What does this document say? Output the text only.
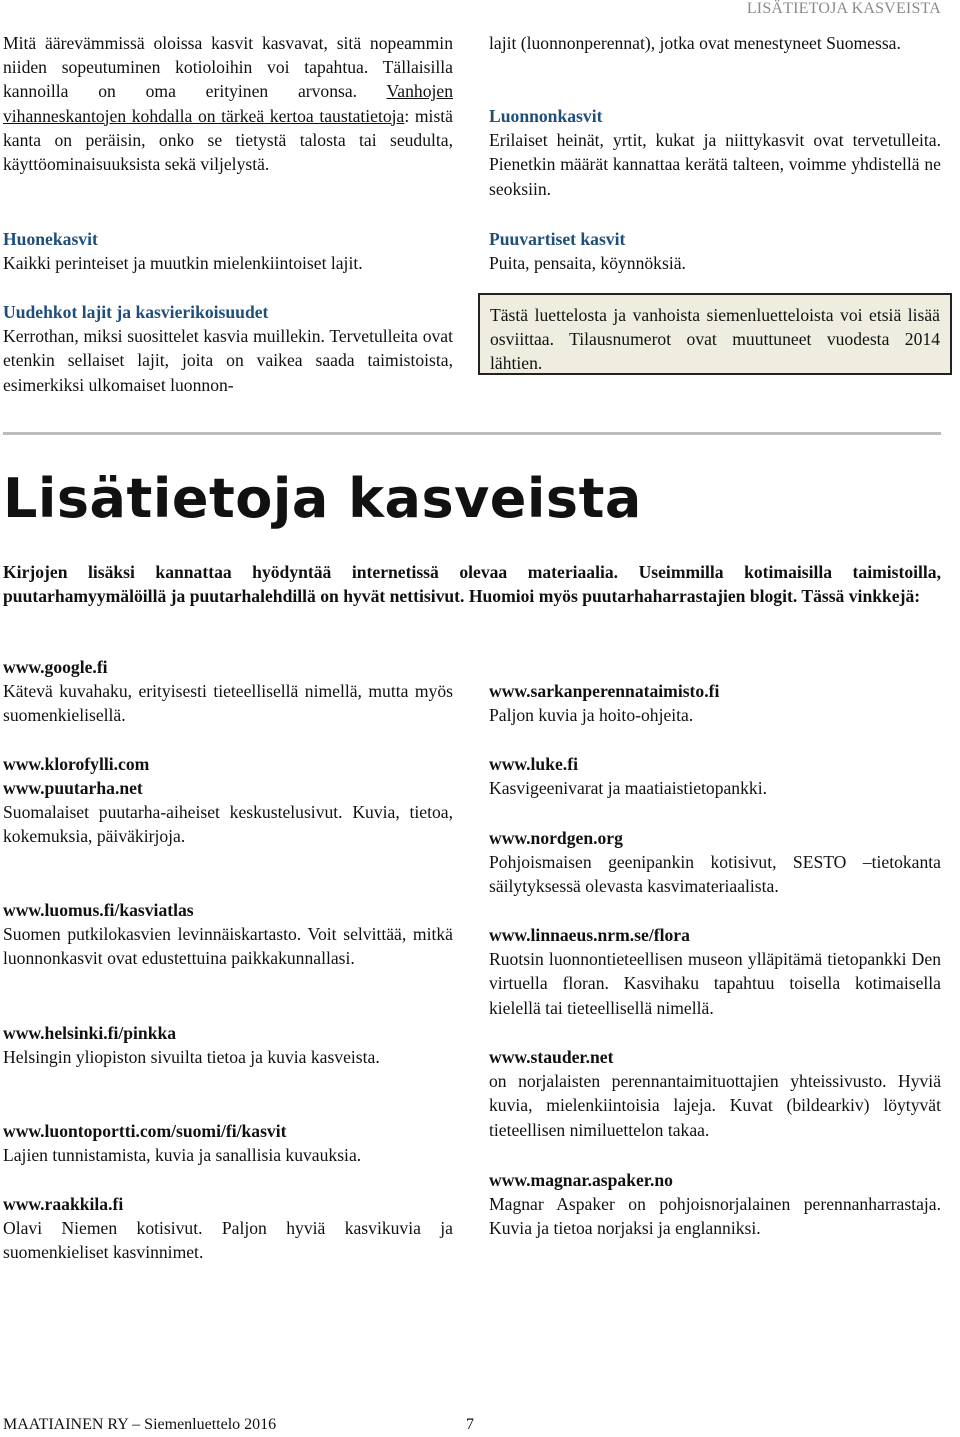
LISÄTIETOJA KASVEISTA

Mitä äärevämmissä oloissa kasvit kasvavat, sitä nopeammin niiden sopeutuminen kotioloihin voi tapahtua. Tällaisilla kannoilla on oma erityinen arvonsa. Vanhojen vihanneskantojen kohdalla on tärkeä kertoa taustatietoja: mistä kanta on peräisin, onko se tietystä talosta tai seudulta, käyttöominaisuuksista sekä viljelystä.

Huonekasvit

Kaikki perinteiset ja muutkin mielenkiintoiset lajit.

Uudehkot lajit ja kasvierikoisuudet

Kerrothan, miksi suosittelet kasvia muillekin. Tervetulleita ovat etenkin sellaiset lajit, joita on vaikea saada taimistoista, esimerkiksi ulkomaiset luonnon-

lajit (luonnonperennat), jotka ovat menestyneet Suomessa.

Luonnonkasvit

Erilaiset heinät, yrtit, kukat ja niittykasvit ovat tervetulleita. Pienetkin määrät kannattaa kerätä talteen, voimme yhdistellä ne seoksiin.

Puuvartiset kasvit

Puita, pensaita, köynnöksiä.

Tästä luettelosta ja vanhoista siemenluetteloista voi etsiä lisää osviittaa. Tilausnumerot ovat muuttuneet vuodesta 2014 lähtien.

Lisätietoja kasveista

Kirjojen lisäksi kannattaa hyödyntää internetissä olevaa materiaalia. Useimmilla kotimaisilla taimistoilla, puutarhamyymälöillä ja puutarhalehdillä on hyvät nettisivut. Huomioi myös puutarhaharrastajien blogit. Tässä vinkkejä:

www.google.fi

Kätevä kuvahaku, erityisesti tieteellisellä nimellä, mutta myös suomenkielisellä.

www.klorofylli.com

www.puutarha.net

Suomalaiset puutarha-aiheiset keskustelusivut. Kuvia, tietoa, kokemuksia, päiväkirjoja.

www.luomus.fi/kasviatlas

Suomen putkilokasvien levinnäiskartasto. Voit selvittää, mitkä luonnonkasvit ovat edustettuina paikkakunnallasi.

www.helsinki.fi/pinkka

Helsingin yliopiston sivuilta tietoa ja kuvia kasveista.

www.luontoportti.com/suomi/fi/kasvit

Lajien tunnistamista, kuvia ja sanallisia kuvauksia.

www.raakkila.fi

Olavi Niemen kotisivut. Paljon hyviä kasvikuvia ja suomenkieliset kasvinnimet.

www.sarkanperennataimisto.fi

Paljon kuvia ja hoito-ohjeita.

www.luke.fi

Kasvigeenivarat ja maatiaistietopankki.

www.nordgen.org

Pohjoismaisen geenipankin kotisivut, SESTO –tietokanta säilytyksessä olevasta kasvimateriaalista.

www.linnaeus.nrm.se/flora

Ruotsin luonnontieteellisen museon ylläpitämä tietopankki Den virtuella floran. Kasvihaku tapahtuu toisella kotimaisella kielellä tai tieteellisellä nimellä.

www.stauder.net

on norjalaisten perennantaimituottajien yhteissivusto. Hyviä kuvia, mielenkiintoisia lajeja. Kuvat (bildearkiv) löytyvät tieteellisen nimiluettelon takaa.

www.magnar.aspaker.no

Magnar Aspaker on pohjoisnorjalainen perennanharrastaja. Kuvia ja tietoa norjaksi ja englanniksi.

MAATIAINEN RY – Siemenluettelo 2016	7
